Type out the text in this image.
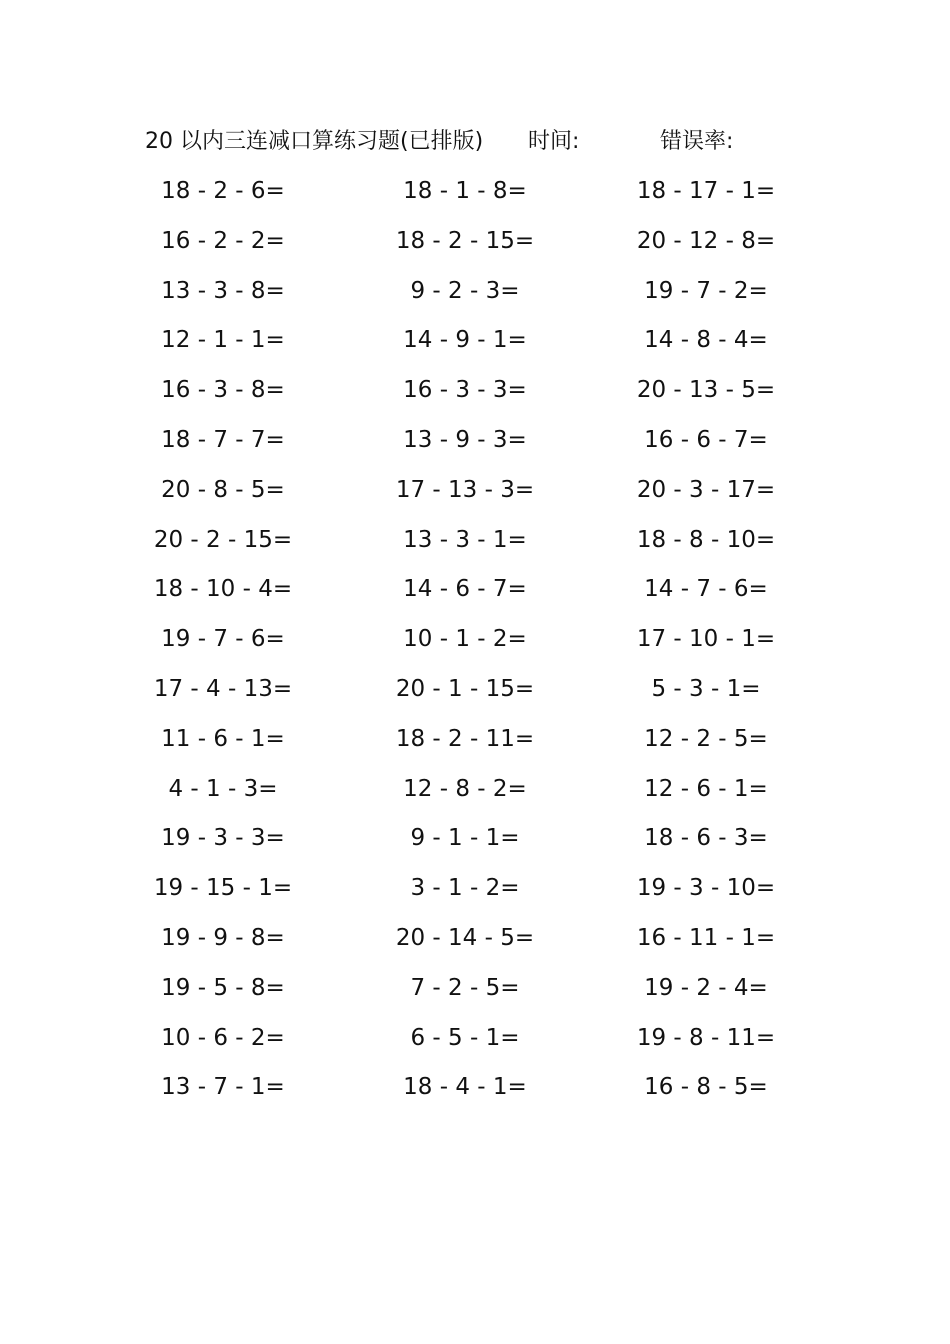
20 以内三连减口算练习题(已排版) 时间:	错误率:
18 - 2 - 6=	18 - 1 - 8=	18 - 17 - 1=
16 - 2 - 2=	18 - 2 - 15=	20 - 12 - 8=
13 - 3 - 8=	9 - 2 - 3=	19 - 7 - 2=
12 - 1 - 1=	14 - 9 - 1=	14 - 8 - 4=
16 - 3 - 8=	16 - 3 - 3=	20 - 13 - 5=
18 - 7 - 7=	13 - 9 - 3=	16 - 6 - 7=
20 - 8 - 5=	17 - 13 - 3=	20 - 3 - 17=
20 - 2 - 15=	13 - 3 - 1=	18 - 8 - 10=
18 - 10 - 4=	14 - 6 - 7=	14 - 7 - 6=
19 - 7 - 6=	10 - 1 - 2=	17 - 10 - 1=
17 - 4 - 13=	20 - 1 - 15=	5 - 3 - 1=
11 - 6 - 1=	18 - 2 - 11=	12 - 2 - 5=
4 - 1 - 3=	12 - 8 - 2=	12 - 6 - 1=
19 - 3 - 3=	9 - 1 - 1=	18 - 6 - 3=
19 - 15 - 1=	3 - 1 - 2=	19 - 3 - 10=
19 - 9 - 8=	20 - 14 - 5=	16 - 11 - 1=
19 - 5 - 8=	7 - 2 - 5=	19 - 2 - 4=
10 - 6 - 2=	6 - 5 - 1=	19 - 8 - 11=
13 - 7 - 1=	18 - 4 - 1=	16 - 8 - 5=
